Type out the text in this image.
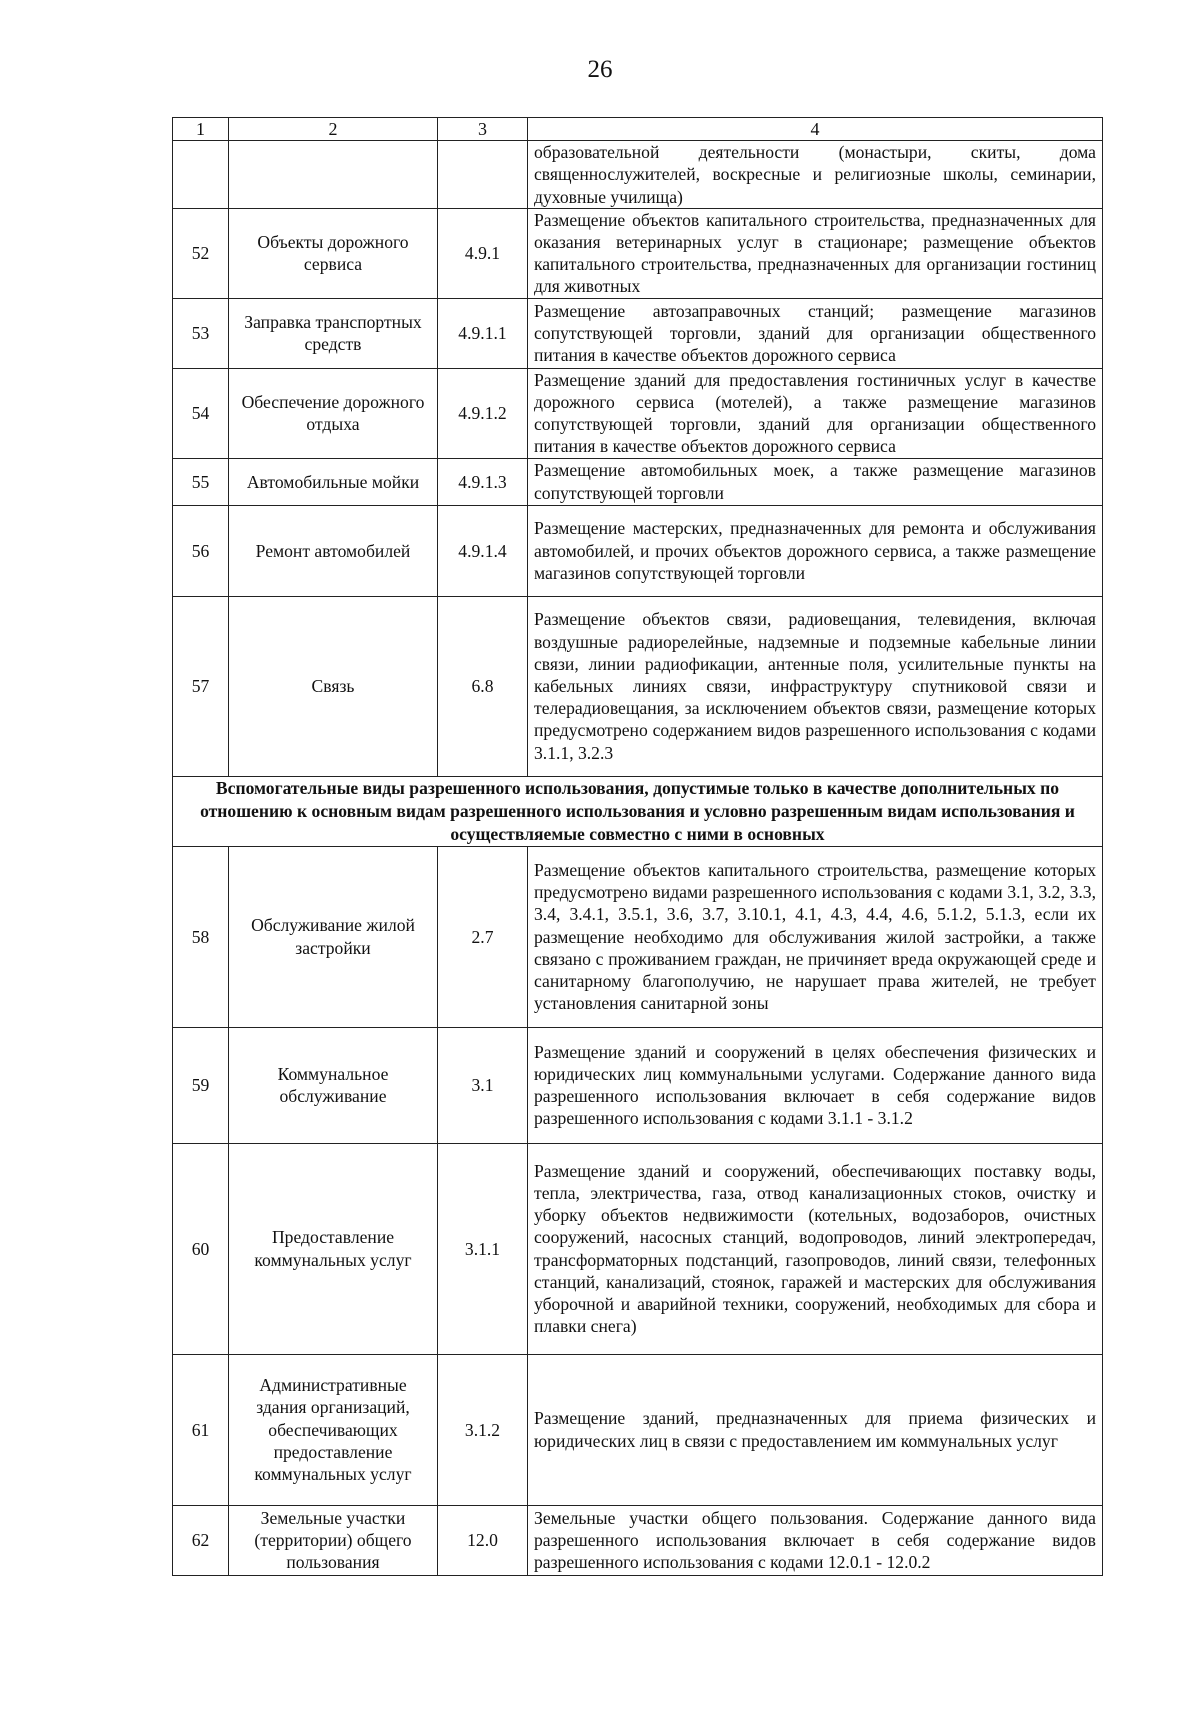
26
1	2	3	4
			образовательной деятельности (монастыри, скиты, дома священнослужителей, воскресные и религиозные школы, семинарии, духовные училища)
52	Объекты дорожного сервиса	4.9.1	Размещение объектов капитального строительства, предназначенных для оказания ветеринарных услуг в стационаре; размещение объектов капитального строительства, предназначенных для организации гостиниц для животных
53	Заправка транспортных средств	4.9.1.1	Размещение автозаправочных станций; размещение магазинов сопутствующей торговли, зданий для организации общественного питания в качестве объектов дорожного сервиса
54	Обеспечение дорожного отдыха	4.9.1.2	Размещение зданий для предоставления гостиничных услуг в качестве дорожного сервиса (мотелей), а также размещение магазинов сопутствующей торговли, зданий для организации общественного питания в качестве объектов дорожного сервиса
55	Автомобильные мойки	4.9.1.3	Размещение автомобильных моек, а также размещение магазинов сопутствующей торговли
56	Ремонт автомобилей	4.9.1.4	Размещение мастерских, предназначенных для ремонта и обслуживания автомобилей, и прочих объектов дорожного сервиса, а также размещение магазинов сопутствующей торговли
57	Связь	6.8	Размещение объектов связи, радиовещания, телевидения, включая воздушные радиорелейные, надземные и подземные кабельные линии связи, линии радиофикации, антенные поля, усилительные пункты на кабельных линиях связи, инфраструктуру спутниковой связи и телерадиовещания, за исключением объектов связи, размещение которых предусмотрено содержанием видов разрешенного использования с кодами 3.1.1, 3.2.3
Вспомогательные виды разрешенного использования, допустимые только в качестве дополнительных по отношению к основным видам разрешенного использования и условно разрешенным видам использования и осуществляемые совместно с ними в основных			
58	Обслуживание жилой застройки	2.7	Размещение объектов капитального строительства, размещение которых предусмотрено видами разрешенного использования с кодами 3.1, 3.2, 3.3, 3.4, 3.4.1, 3.5.1, 3.6, 3.7, 3.10.1, 4.1, 4.3, 4.4, 4.6, 5.1.2, 5.1.3, если их размещение необходимо для обслуживания жилой застройки, а также связано с проживанием граждан, не причиняет вреда окружающей среде и санитарному благополучию, не нарушает права жителей, не требует установления санитарной зоны
59	Коммунальное обслуживание	3.1	Размещение зданий и сооружений в целях обеспечения физических и юридических лиц коммунальными услугами. Содержание данного вида разрешенного использования включает в себя содержание видов разрешенного использования с кодами 3.1.1 - 3.1.2
60	Предоставление коммунальных услуг	3.1.1	Размещение зданий и сооружений, обеспечивающих поставку воды, тепла, электричества, газа, отвод канализационных стоков, очистку и уборку объектов недвижимости (котельных, водозаборов, очистных сооружений, насосных станций, водопроводов, линий электропередач, трансформаторных подстанций, газопроводов, линий связи, телефонных станций, канализаций, стоянок, гаражей и мастерских для обслуживания уборочной и аварийной техники, сооружений, необходимых для сбора и плавки снега)
61	Административные здания организаций, обеспечивающих предоставление коммунальных услуг	3.1.2	Размещение зданий, предназначенных для приема физических и юридических лиц в связи с предоставлением им коммунальных услуг
62	Земельные участки (территории) общего пользования	12.0	Земельные участки общего пользования. Содержание данного вида разрешенного использования включает в себя содержание видов разрешенного использования с кодами 12.0.1 - 12.0.2
